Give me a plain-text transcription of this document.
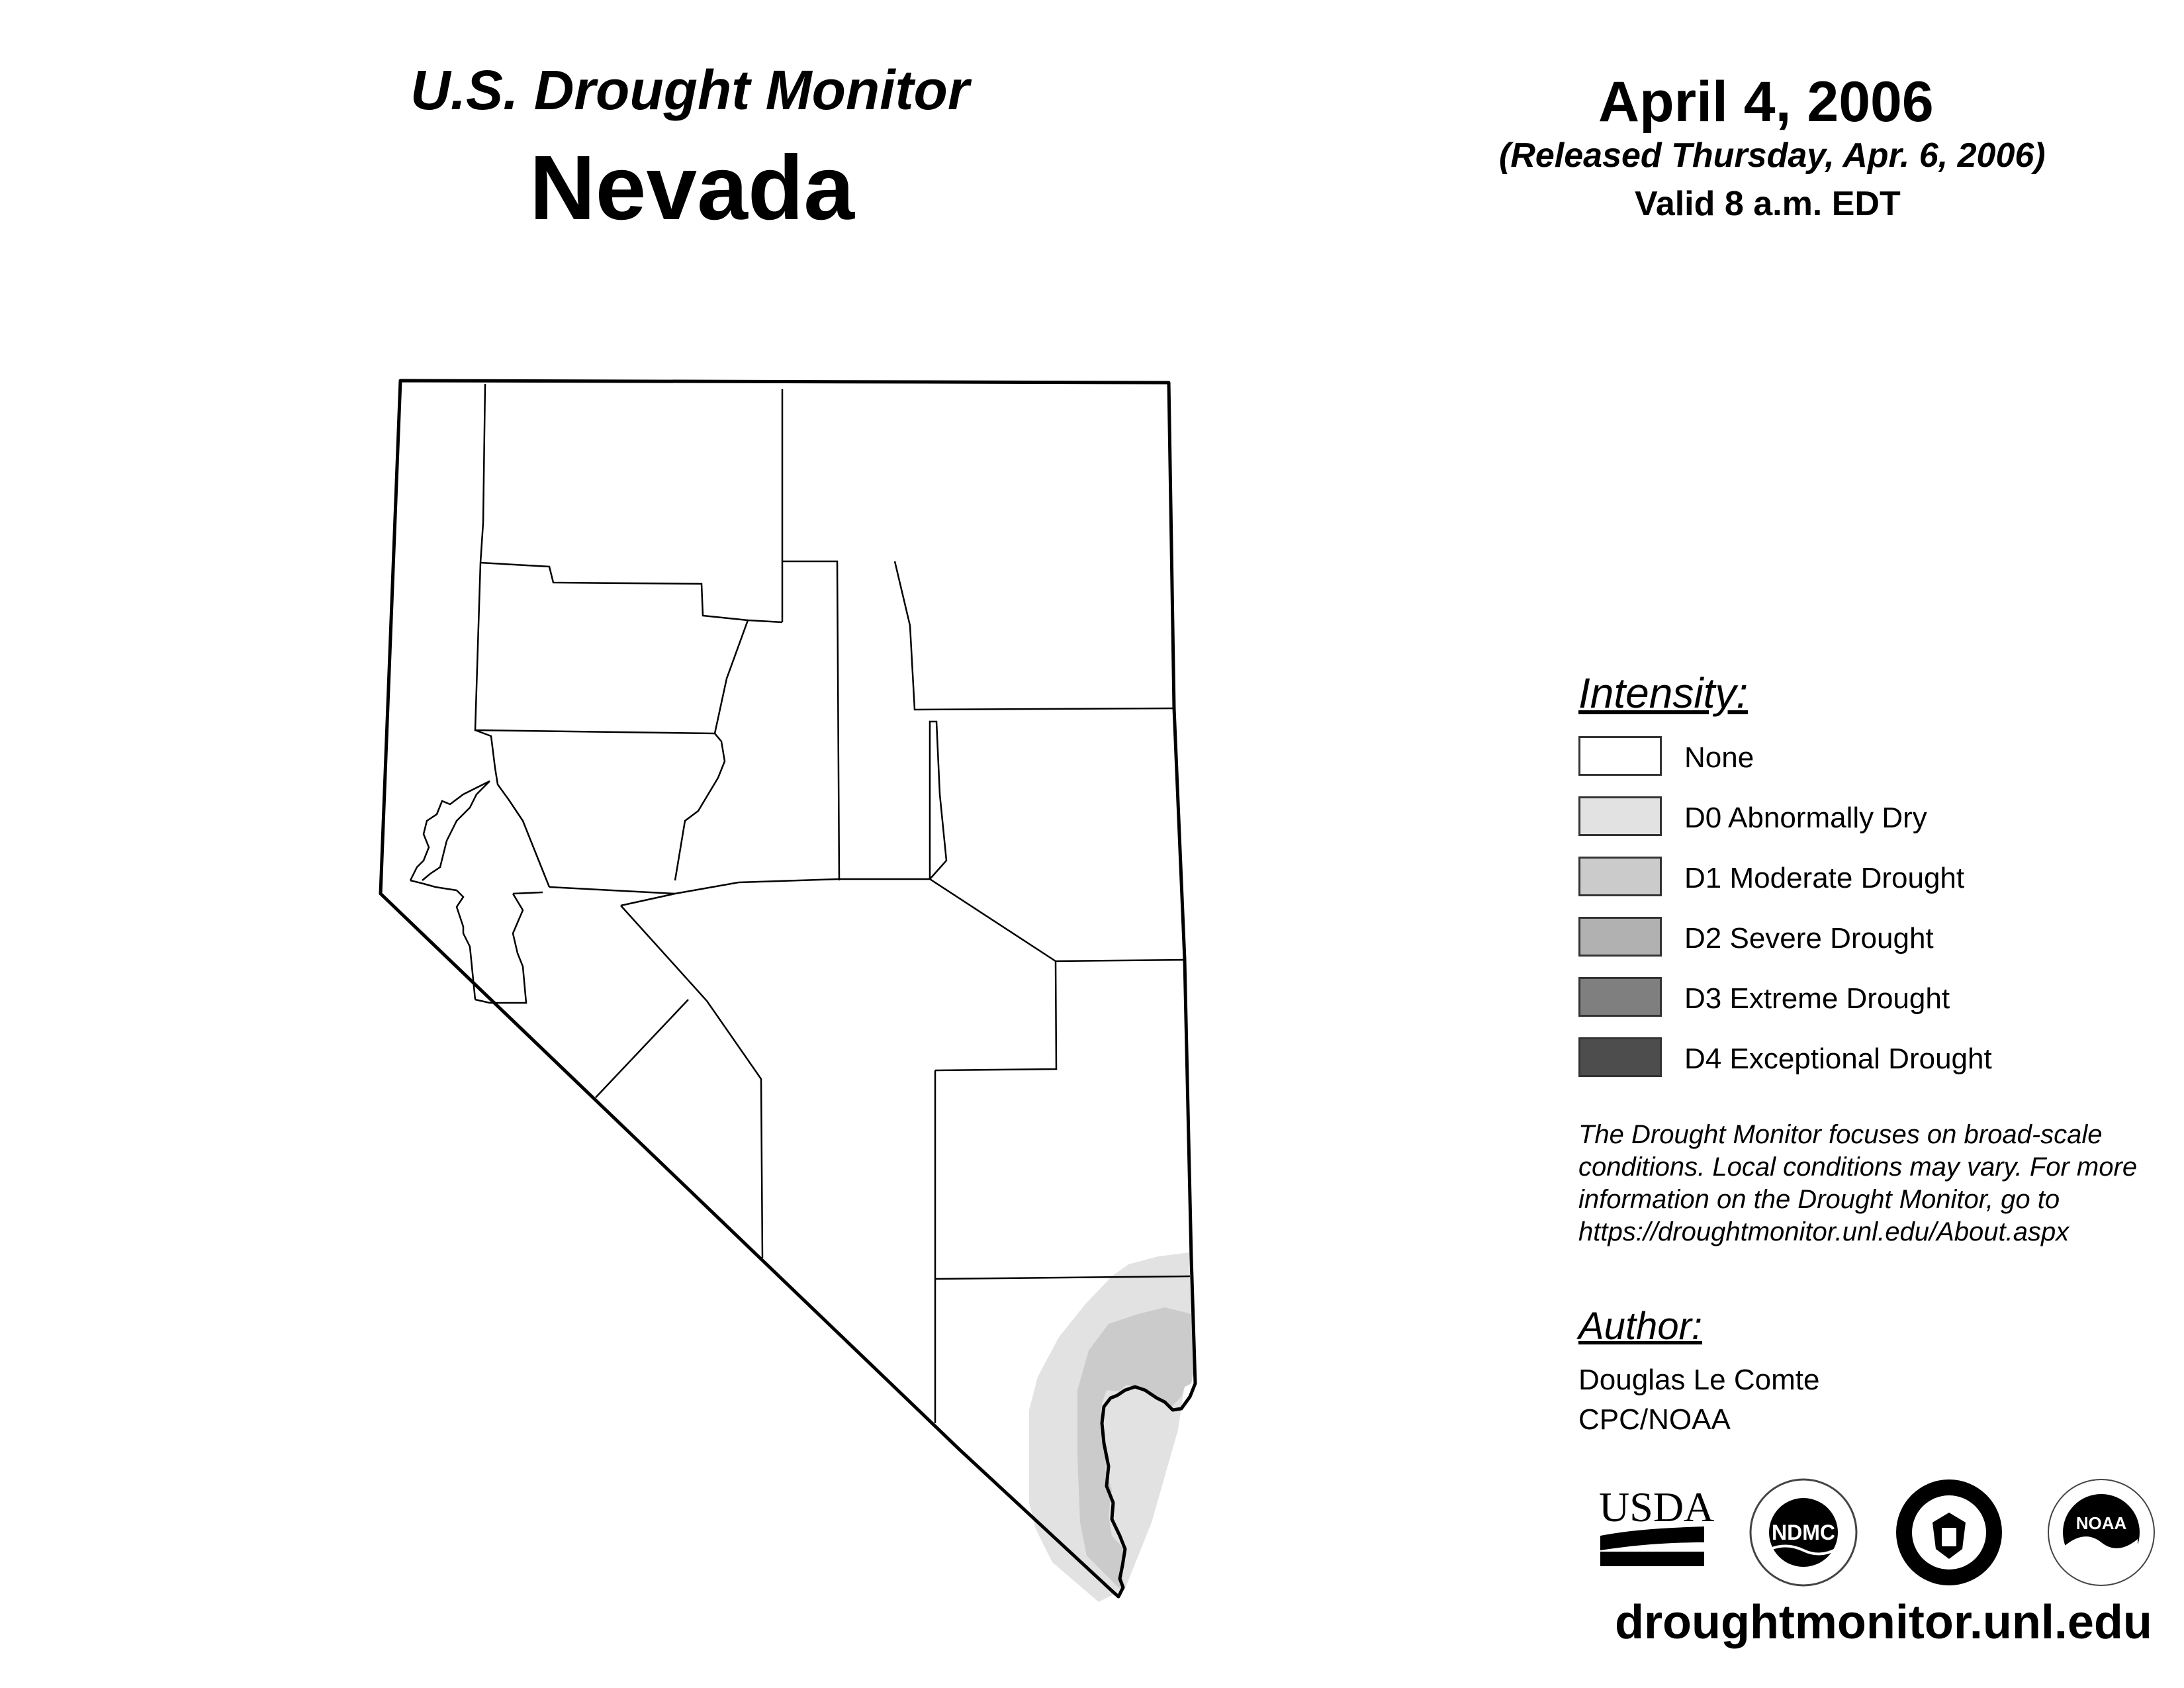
U.S. Drought Monitor
Nevada
April 4, 2006
(Released Thursday, Apr. 6, 2006)
Valid 8 a.m. EDT
Intensity:
None
D0 Abnormally Dry
D1 Moderate Drought
D2 Severe Drought
D3 Extreme Drought
D4 Exceptional Drought
The Drought Monitor focuses on broad-scale conditions. Local conditions may vary. For more information on the Drought Monitor, go to https://droughtmonitor.unl.edu/About.aspx
Author:
Douglas Le Comte
CPC/NOAA
USDA
NDMC	NOAA
droughtmonitor.unl.edu
